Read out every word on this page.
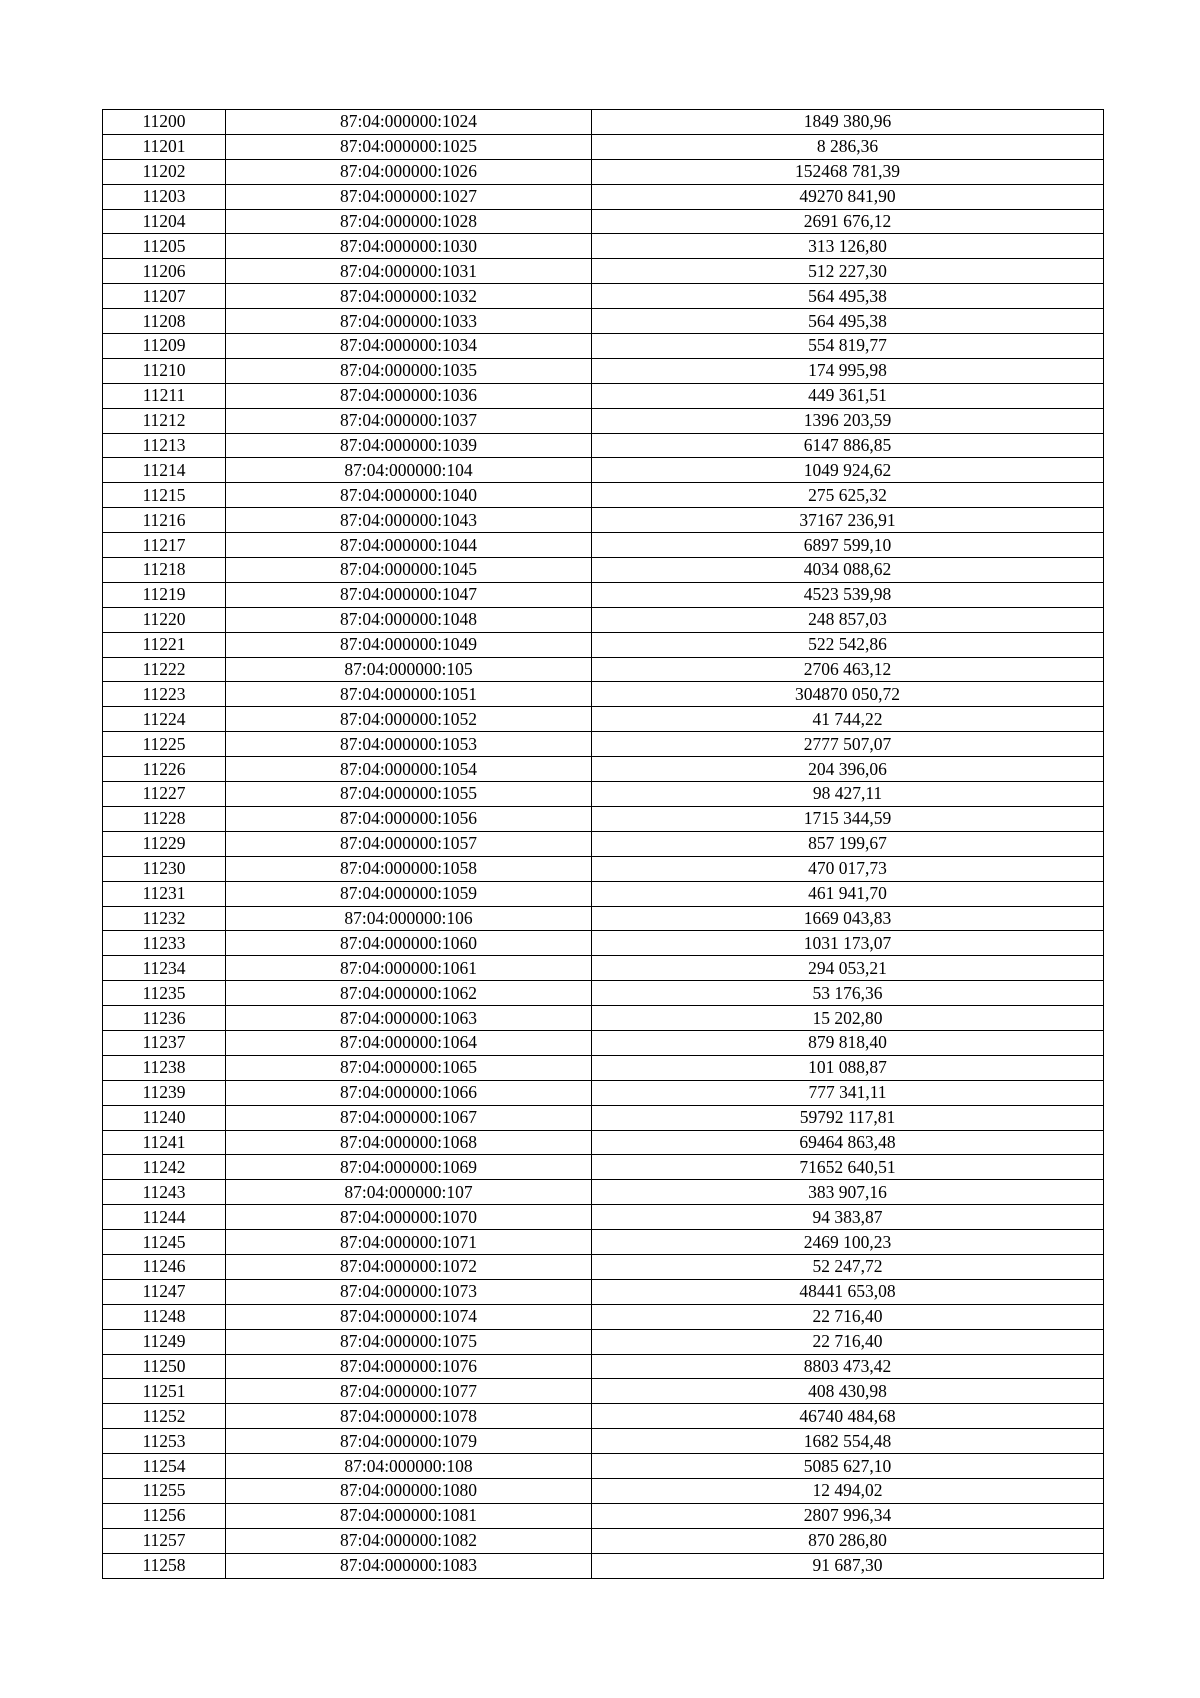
11200	87:04:000000:1024	1849 380,96
11201	87:04:000000:1025	8 286,36
11202	87:04:000000:1026	152468 781,39
11203	87:04:000000:1027	49270 841,90
11204	87:04:000000:1028	2691 676,12
11205	87:04:000000:1030	313 126,80
11206	87:04:000000:1031	512 227,30
11207	87:04:000000:1032	564 495,38
11208	87:04:000000:1033	564 495,38
11209	87:04:000000:1034	554 819,77
11210	87:04:000000:1035	174 995,98
11211	87:04:000000:1036	449 361,51
11212	87:04:000000:1037	1396 203,59
11213	87:04:000000:1039	6147 886,85
11214	87:04:000000:104	1049 924,62
11215	87:04:000000:1040	275 625,32
11216	87:04:000000:1043	37167 236,91
11217	87:04:000000:1044	6897 599,10
11218	87:04:000000:1045	4034 088,62
11219	87:04:000000:1047	4523 539,98
11220	87:04:000000:1048	248 857,03
11221	87:04:000000:1049	522 542,86
11222	87:04:000000:105	2706 463,12
11223	87:04:000000:1051	304870 050,72
11224	87:04:000000:1052	41 744,22
11225	87:04:000000:1053	2777 507,07
11226	87:04:000000:1054	204 396,06
11227	87:04:000000:1055	98 427,11
11228	87:04:000000:1056	1715 344,59
11229	87:04:000000:1057	857 199,67
11230	87:04:000000:1058	470 017,73
11231	87:04:000000:1059	461 941,70
11232	87:04:000000:106	1669 043,83
11233	87:04:000000:1060	1031 173,07
11234	87:04:000000:1061	294 053,21
11235	87:04:000000:1062	53 176,36
11236	87:04:000000:1063	15 202,80
11237	87:04:000000:1064	879 818,40
11238	87:04:000000:1065	101 088,87
11239	87:04:000000:1066	777 341,11
11240	87:04:000000:1067	59792 117,81
11241	87:04:000000:1068	69464 863,48
11242	87:04:000000:1069	71652 640,51
11243	87:04:000000:107	383 907,16
11244	87:04:000000:1070	94 383,87
11245	87:04:000000:1071	2469 100,23
11246	87:04:000000:1072	52 247,72
11247	87:04:000000:1073	48441 653,08
11248	87:04:000000:1074	22 716,40
11249	87:04:000000:1075	22 716,40
11250	87:04:000000:1076	8803 473,42
11251	87:04:000000:1077	408 430,98
11252	87:04:000000:1078	46740 484,68
11253	87:04:000000:1079	1682 554,48
11254	87:04:000000:108	5085 627,10
11255	87:04:000000:1080	12 494,02
11256	87:04:000000:1081	2807 996,34
11257	87:04:000000:1082	870 286,80
11258	87:04:000000:1083	91 687,30
